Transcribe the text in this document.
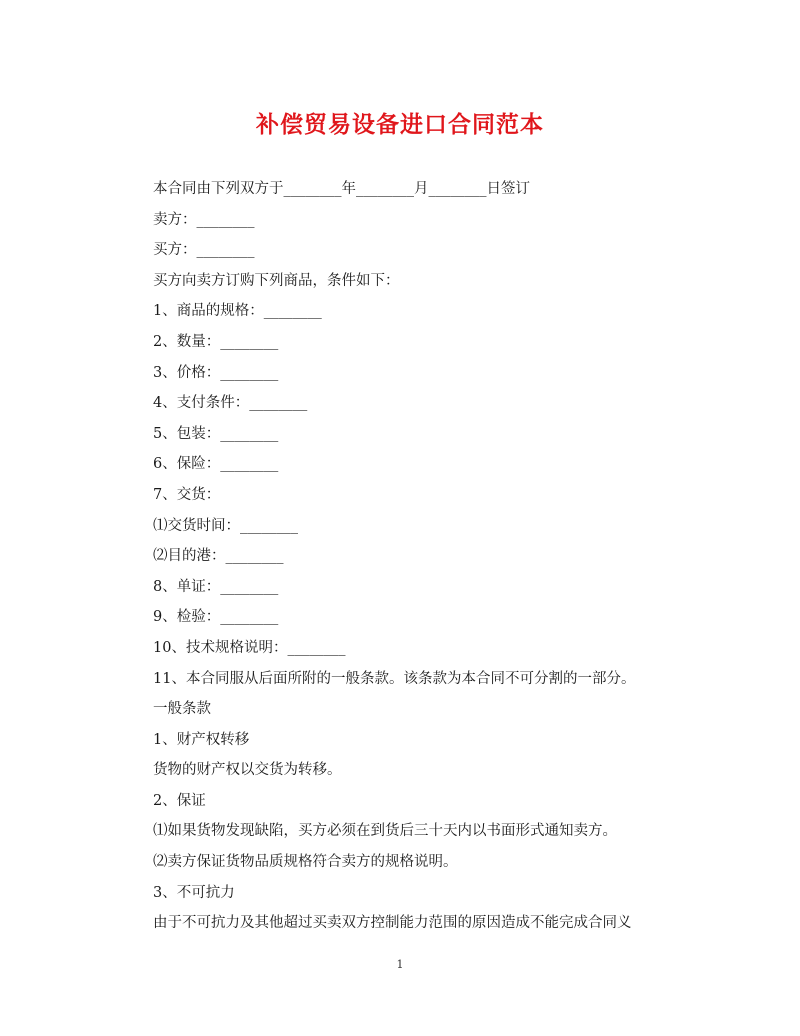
补偿贸易设备进口合同范本

本合同由下列双方于________年________月________日签订

卖方：________

买方：________

买方向卖方订购下列商品，条件如下：

1、商品的规格：________

2、数量：________

3、价格：________

4、支付条件：________

5、包装：________

6、保险：________

7、交货：

⑴交货时间：________

⑵目的港：________

8、单证：________

9、检验：________

10、技术规格说明：________

11、本合同服从后面所附的一般条款。该条款为本合同不可分割的一部分。

一般条款

1、财产权转移

货物的财产权以交货为转移。

2、保证

⑴如果货物发现缺陷，买方必须在到货后三十天内以书面形式通知卖方。

⑵卖方保证货物品质规格符合卖方的规格说明。

3、不可抗力

由于不可抗力及其他超过买卖双方控制能力范围的原因造成不能完成合同义

1
